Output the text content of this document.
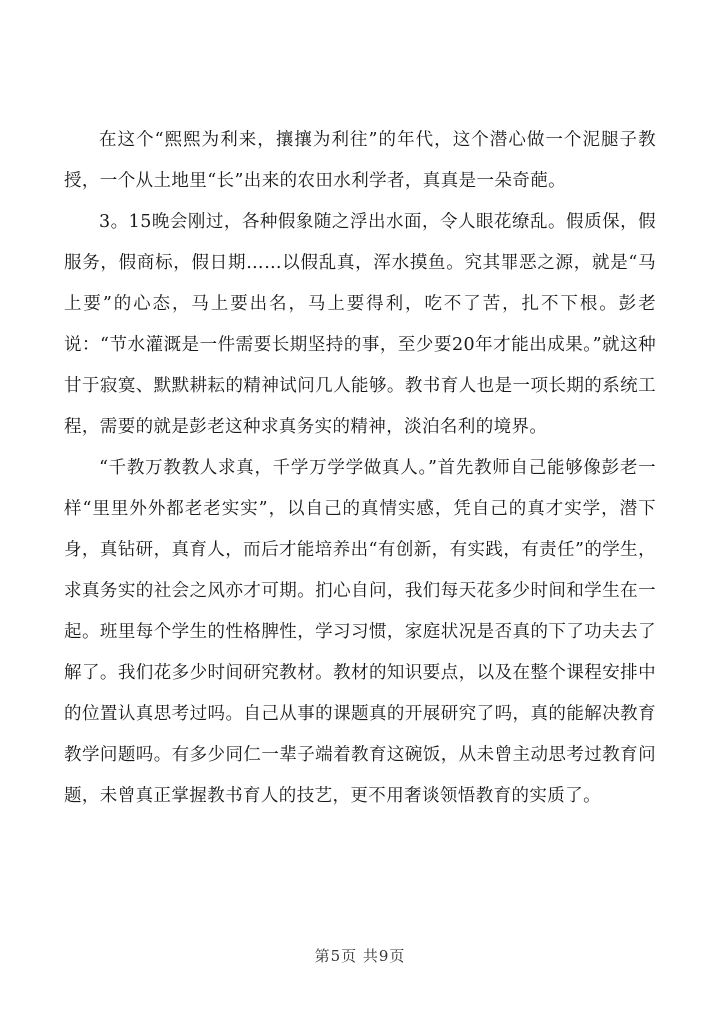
在这个“熙熙为利来，攘攘为利往”的年代，这个潜心做一个泥腿子教授，一个从土地里“长”出来的农田水利学者，真真是一朵奇葩。

3。15晚会刚过，各种假象随之浮出水面，令人眼花缭乱。假质保，假服务，假商标，假日期……以假乱真，浑水摸鱼。究其罪恶之源，就是“马上要”的心态，马上要出名，马上要得利，吃不了苦，扎不下根。彭老说：“节水灌溉是一件需要长期坚持的事，至少要20年才能出成果。”就这种甘于寂寞、默默耕耘的精神试问几人能够。教书育人也是一项长期的系统工程，需要的就是彭老这种求真务实的精神，淡泊名利的境界。

“千教万教教人求真，千学万学学做真人。”首先教师自己能够像彭老一样“里里外外都老老实实”，以自己的真情实感，凭自己的真才实学，潜下身，真钻研，真育人，而后才能培养出“有创新，有实践，有责任”的学生，求真务实的社会之风亦才可期。扪心自问，我们每天花多少时间和学生在一起。班里每个学生的性格脾性，学习习惯，家庭状况是否真的下了功夫去了解了。我们花多少时间研究教材。教材的知识要点，以及在整个课程安排中的位置认真思考过吗。自己从事的课题真的开展研究了吗，真的能解决教育教学问题吗。有多少同仁一辈子端着教育这碗饭，从未曾主动思考过教育问题，未曾真正掌握教书育人的技艺，更不用奢谈领悟教育的实质了。

第5页 共9页
